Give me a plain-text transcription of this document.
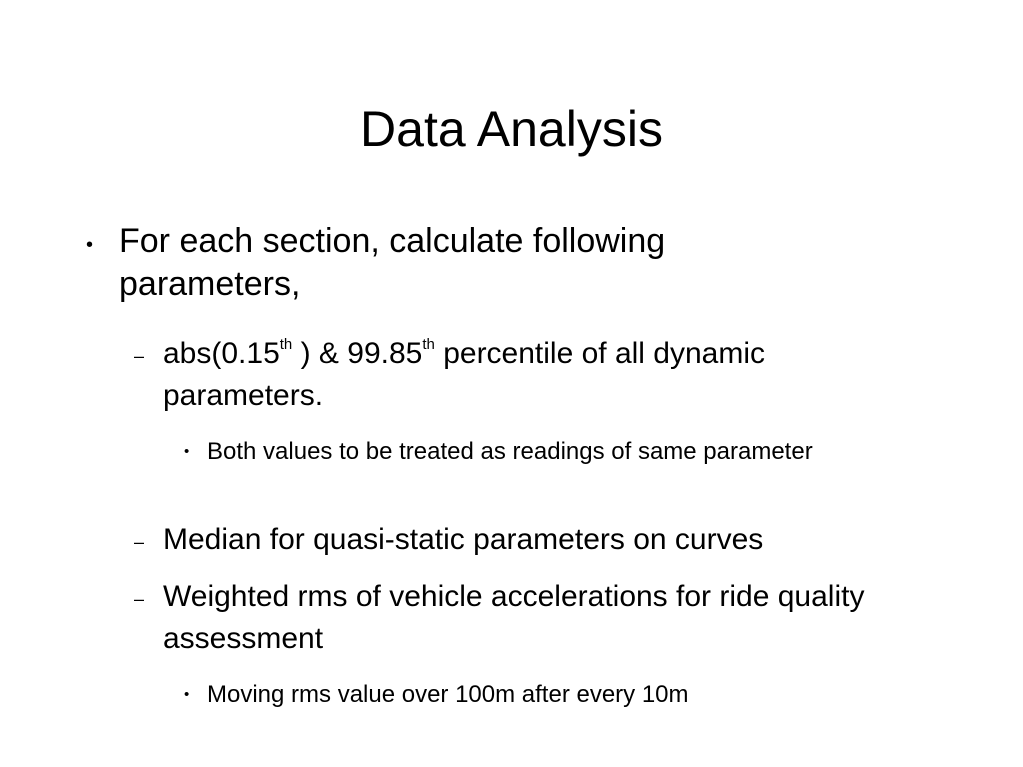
Data Analysis
• For each section, calculate following parameters,
– abs(0.15th ) & 99.85th percentile of all dynamic parameters.
• Both values to be treated as readings of same parameter
– Median for quasi-static parameters on curves
– Weighted rms of vehicle accelerations for ride quality assessment
• Moving rms value over 100m after every 10m
